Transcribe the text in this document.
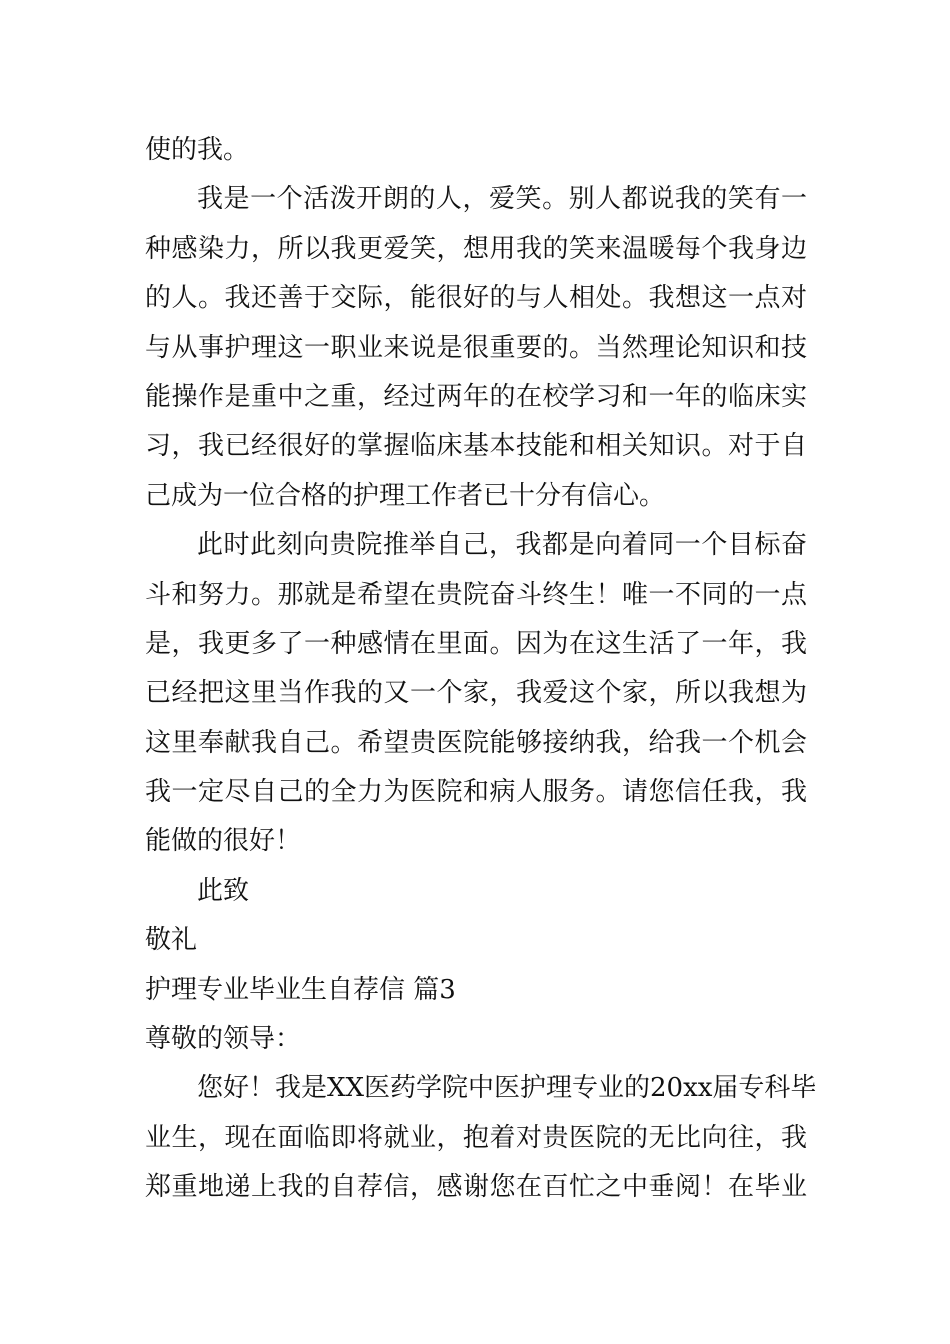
使的我。
我是一个活泼开朗的人，爱笑。别人都说我的笑有一
种感染力，所以我更爱笑，想用我的笑来温暖每个我身边
的人。我还善于交际，能很好的与人相处。我想这一点对
与从事护理这一职业来说是很重要的。当然理论知识和技
能操作是重中之重，经过两年的在校学习和一年的临床实
习，我已经很好的掌握临床基本技能和相关知识。对于自
己成为一位合格的护理工作者已十分有信心。
此时此刻向贵院推举自己，我都是向着同一个目标奋
斗和努力。那就是希望在贵院奋斗终生！唯一不同的一点
是，我更多了一种感情在里面。因为在这生活了一年，我
已经把这里当作我的又一个家，我爱这个家，所以我想为
这里奉献我自己。希望贵医院能够接纳我，给我一个机会
我一定尽自己的全力为医院和病人服务。请您信任我，我
能做的很好！
此致
敬礼
护理专业毕业生自荐信 篇3
尊敬的领导：
您好！我是XX医药学院中医护理专业的20xx届专科毕
业生，现在面临即将就业，抱着对贵医院的无比向往，我
郑重地递上我的自荐信，感谢您在百忙之中垂阅！在毕业
